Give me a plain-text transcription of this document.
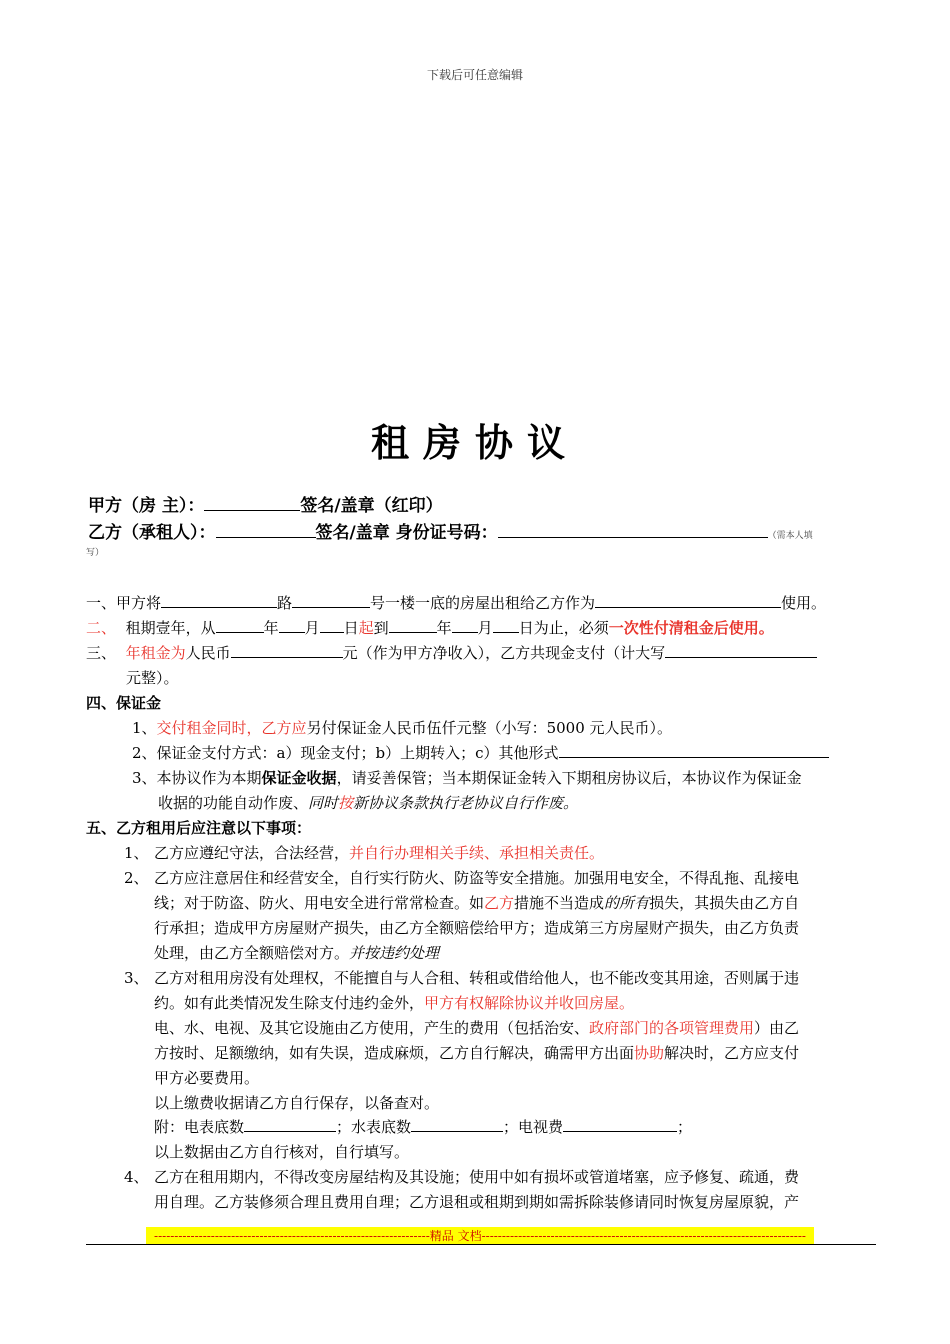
下载后可任意编辑
租房协议
甲方（房 主）：	签名/盖章（红印）
乙方（承租人）：	签名/盖章 身份证号码：	（需本人填
写）
一、甲方将	路	号一楼一底的房屋出租给乙方作为	使用。
二、 租期壹年，从	年 月 日起到	年 月 日为止，必须一次性付清租金后使用。
三、 年租金为人民币	元（作为甲方净收入），乙方共现金支付（计大写
元整）。
四、保证金
1、交付租金同时，乙方应另付保证金人民币伍仟元整（小写：5000 元人民币）。
2、保证金支付方式：a）现金支付；b）上期转入；c）其他形式
3、本协议作为本期保证金收据，请妥善保管；当本期保证金转入下期租房协议后，本协议作为保证金
收据的功能自动作废、同时按新协议条款执行老协议自行作废。
五、乙方租用后应注意以下事项：
1、 乙方应遵纪守法，合法经营，并自行办理相关手续、承担相关责任。
2、 乙方应注意居住和经营安全，自行实行防火、防盗等安全措施。加强用电安全，不得乱拖、乱接电
线；对于防盗、防火、用电安全进行常常检查。如乙方措施不当造成的所有损失，其损失由乙方自
行承担；造成甲方房屋财产损失，由乙方全额赔偿给甲方；造成第三方房屋财产损失，由乙方负责
处理，由乙方全额赔偿对方。并按违约处理
3、 乙方对租用房没有处理权，不能擅自与人合租、转租或借给他人，也不能改变其用途，否则属于违
约。如有此类情况发生除支付违约金外，甲方有权解除协议并收回房屋。
电、水、电视、及其它设施由乙方使用，产生的费用（包括治安、政府部门的各项管理费用）由乙
方按时、足额缴纳，如有失误，造成麻烦，乙方自行解决，确需甲方出面协助解决时，乙方应支付
甲方必要费用。
以上缴费收据请乙方自行保存，以备查对。
附：电表底数	；水表底数	；电视费	；
以上数据由乙方自行核对，自行填写。
4、 乙方在租用期内，不得改变房屋结构及其设施；使用中如有损坏或管道堵塞，应予修复、疏通，费
用自理。乙方装修须合理且费用自理；乙方退租或租期到期如需拆除装修请同时恢复房屋原貌，产
--------------------------------------------------------------------精品 文档--------------------------------------------------------------------------------
